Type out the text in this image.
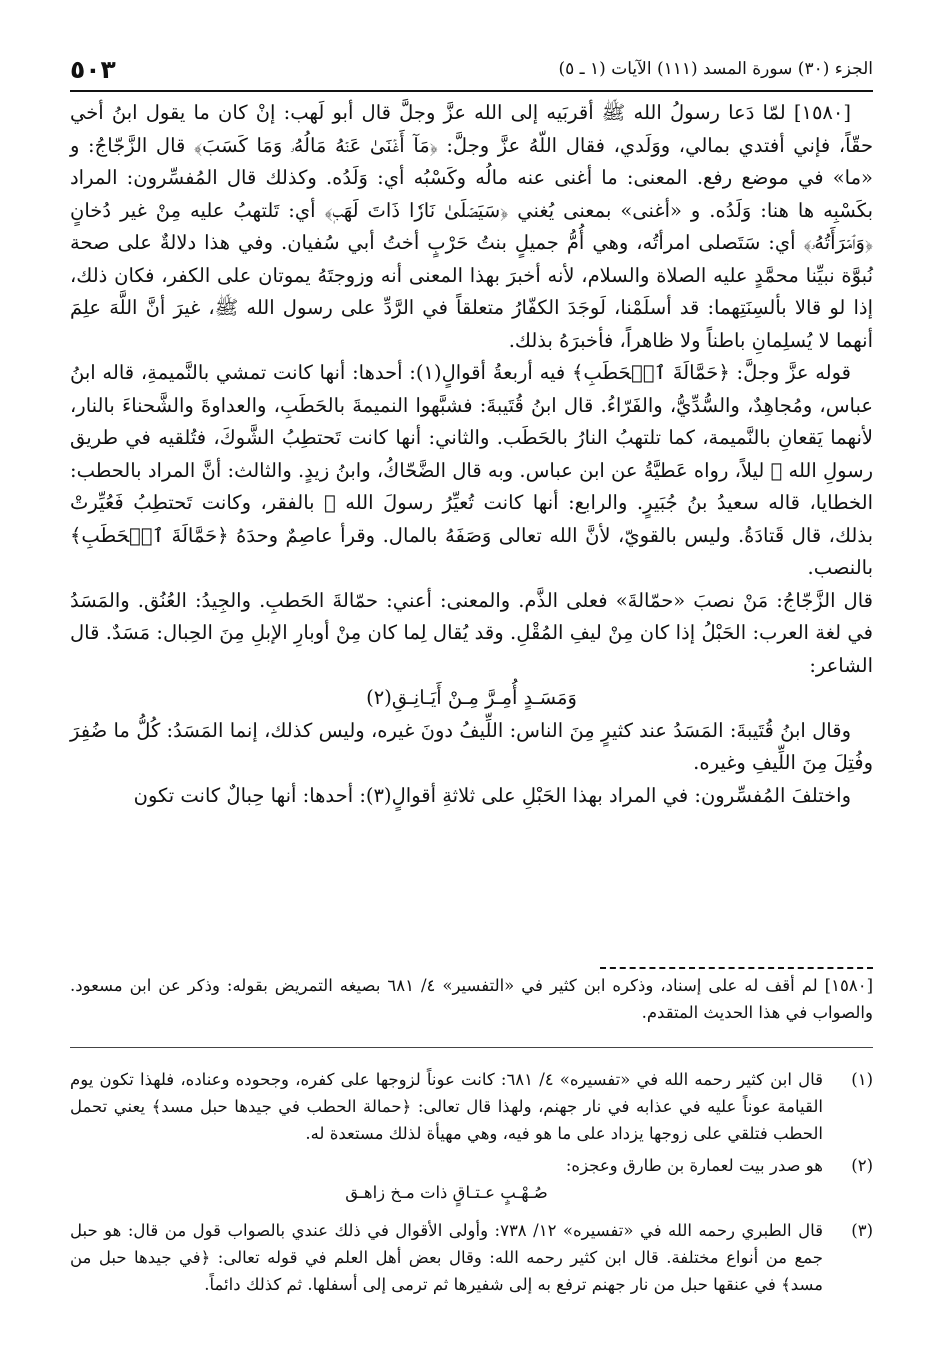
٥٠٣	الجزء (٣٠) سورة المسد (١١١) الآيات (١ ـ ٥)

[١٥٨٠] لمّا دَعا رسولُ الله ﷺ أقربَيه إلى الله عزَّ وجلَّ قال أبو لَهب: إنْ كان ما يقول ابنُ أخي حقّاً، فإني أفتدي بمالي، ووَلَدي، فقال اللّهُ عزَّ وجلَّ: ﴿مَآ أَغۡنَىٰ عَنۡهُ مَالُهُۥ وَمَا كَسَبَ﴾ قال الزَّجّاجُ: و «ما» في موضع رفع. المعنى: ما أغنى عنه مالُه وكَسْبُه أي: وَلَدُه. وكذلك قال المُفسِّرون: المراد بكَسْبِه ها هنا: وَلَدُه. و «أغنى» بمعنى يُغني ﴿سَيَصۡلَىٰ نَارٗا ذَاتَ لَهَبٖ﴾ أي: تَلتهبُ عليه مِنْ غير دُخانٍ ﴿وَٱمۡرَأَتُهُۥ﴾ أي: سَتَصلى امرأتُه، وهي أُمُّ جميلٍ بنتُ حَرْبٍ أختُ أبي سُفيان. وفي هذا دلالةٌ على صحة نُبوَّة نبيِّنا محمَّدٍ عليه الصلاة والسلام، لأنه أخبرَ بهذا المعنى أنه وزوجتَهُ يموتان على الكفر، فكان ذلك، إذا لو قالا بألسِنَتِهما: قد أسلَمْنا، لَوجَدَ الكفّارُ متعلقاً في الرَّدِّ على رسول الله ﷺ، غيرَ أنَّ اللَّهَ علِمَ أنهما لا يُسلِمانِ باطناً ولا ظاهراً، فأخبرَهُ بذلك.

قوله عزَّ وجلَّ: ﴿حَمَّالَةَ ٱلۡحَطَبِ﴾ فيه أربعةُ أقوالٍ(١): أحدها: أنها كانت تمشي بالنَّميمةِ، قاله ابنُ عباس، ومُجاهِدٌ، والسُّدِّيُّ، والفَرّاءُ. قال ابنُ قُتَيبةَ: فشبَّهوا النميمةَ بالحَطَبِ، والعداوةَ والشَّحناءَ بالنار، لأنهما يَقعانِ بالنَّميمة، كما تلتهبُ النارُ بالحَطَب. والثاني: أنها كانت تَحتطِبُ الشَّوكَ، فتُلقيه في طريق رسولِ الله ﷺ ليلاً، رواه عَطيَّةُ عن ابن عباس. وبه قال الضَّحّاكُ، وابنُ زيدٍ. والثالث: أنَّ المراد بالحطب: الخطايا، قاله سعيدُ بنُ جُبَيرٍ. والرابع: أنها كانت تُعيِّرُ رسولَ الله ﷺ بالفقر، وكانت تَحتطِبُ فَعُيِّرتْ بذلك، قال قَتادَةُ. وليس بالقويّ، لأنَّ الله تعالى وَصَفَهُ بالمال. وقرأ عاصِمٌ وحدَهُ ﴿حَمَّالَةَ ٱلۡحَطَبِ﴾ بالنصب.

قال الزَّجّاجُ: مَنْ نصبَ «حمّالةَ» فعلى الذَّم. والمعنى: أعني: حمّالةَ الحَطبِ. والجِيدُ: العُنُق. والمَسَدُ في لغة العرب: الحَبْلُ إذا كان مِنْ ليفِ المُقْلِ. وقد يُقال لِما كان مِنْ أوبارِ الإبلِ مِنَ الحِبال: مَسَدٌ. قال الشاعر:

وَمَسَـدٍ أُمِـرَّ مِـنْ أَيَـانِـقِ(٢)

وقال ابنُ قُتَيبةَ: المَسَدُ عند كثيرٍ مِنَ الناس: اللِّيفُ دونَ غيره، وليس كذلك، إنما المَسَدُ: كُلُّ ما ضُفِرَ وفُتِلَ مِنَ اللِّيفِ وغيره.

واختلفَ المُفسِّرون: في المراد بهذا الحَبْلِ على ثلاثةِ أقوالٍ(٣): أحدها: أنها حِبالٌ كانت تكون

[١٥٨٠] لم أقف له على إسناد، وذكره ابن كثير في «التفسير» ٤/ ٦٨١ بصيغه التمريض بقوله: وذكر عن ابن مسعود. والصواب في هذا الحديث المتقدم.

(١)

قال ابن كثير رحمه الله في «تفسيره» ٤/ ٦٨١: كانت عوناً لزوجها على كفره، وجحوده وعناده، فلهذا تكون يوم القيامة عوناً عليه في عذابه في نار جهنم، ولهذا قال تعالى: ﴿حمالة الحطب في جيدها حبل مسد﴾ يعني تحمل الحطب فتلقي على زوجها يزداد على ما هو فيه، وهي مهيأة لذلك مستعدة له.

(٢)

هو صدر بيت لعمارة بن طارق وعجزه:

صُـهْـبٍ عـتـاقٍ ذات مـخ زاهـق

(٣)

قال الطبري رحمه الله في «تفسيره» ١٢/ ٧٣٨: وأولى الأقوال في ذلك عندي بالصواب قول من قال: هو حبل جمع من أنواع مختلفة. قال ابن كثير رحمه الله: وقال بعض أهل العلم في قوله تعالى: ﴿في جيدها حبل من مسد﴾ في عنقها حبل من نار جهنم ترفع به إلى شفيرها ثم ترمى إلى أسفلها. ثم كذلك دائماً.
